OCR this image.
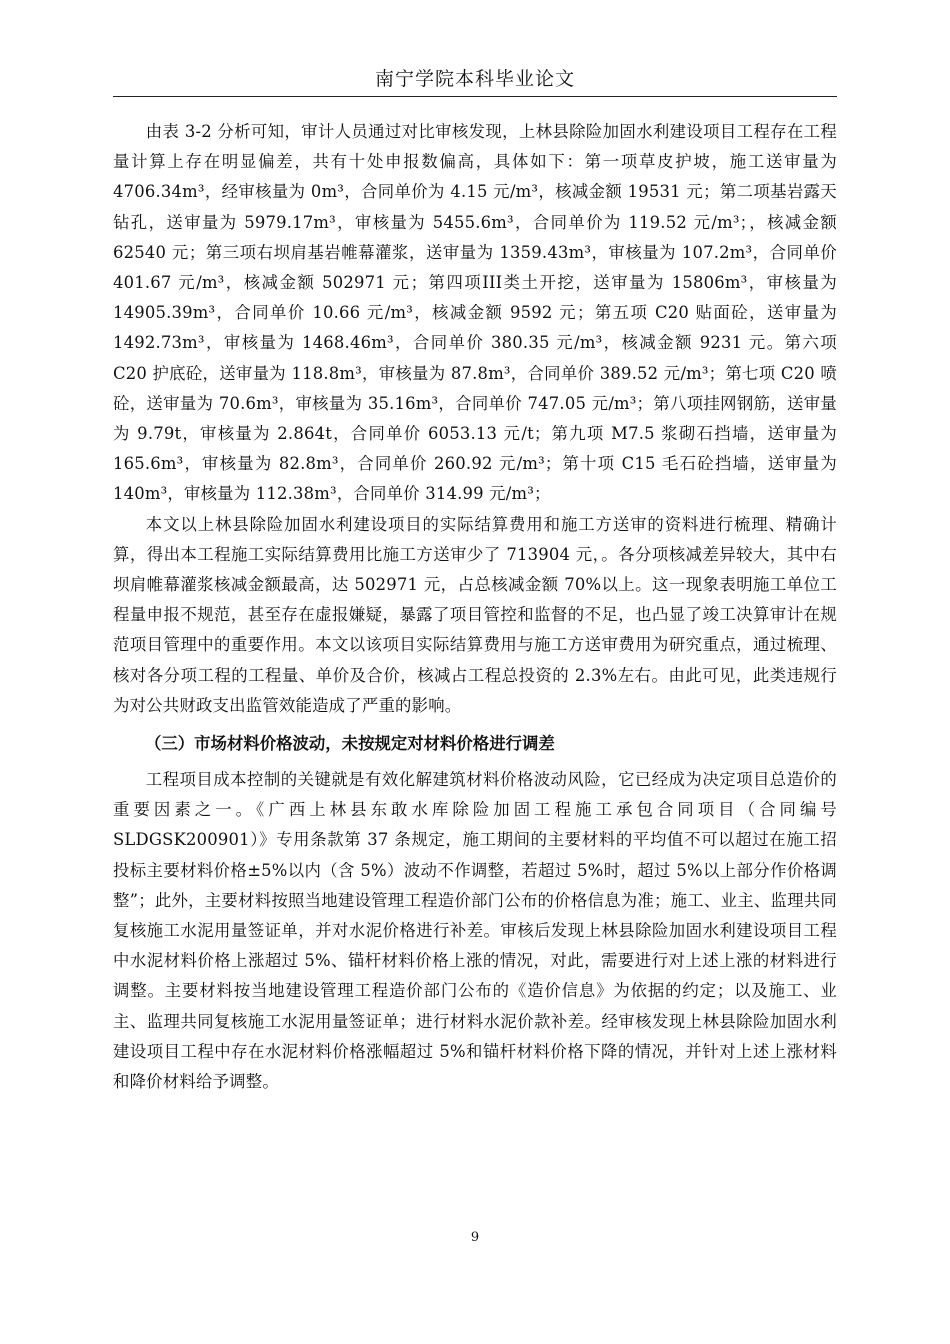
南宁学院本科毕业论文

由表 3-2 分析可知，审计人员通过对比审核发现，上林县除险加固水利建设项目工程存在工程量计算上存在明显偏差，共有十处申报数偏高，具体如下：第一项草皮护坡，施工送审量为 4706.34m³，经审核量为 0m³，合同单价为 4.15 元/m³，核减金额 19531 元；第二项基岩露天钻孔，送审量为 5979.17m³，审核量为 5455.6m³，合同单价为 119.52 元/m³；，核减金额 62540 元；第三项右坝肩基岩帷幕灌浆，送审量为 1359.43m³，审核量为 107.2m³，合同单价 401.67 元/m³，核减金额 502971 元；第四项III类土开挖，送审量为 15806m³，审核量为 14905.39m³，合同单价 10.66 元/m³，核减金额 9592 元；第五项 C20 贴面砼，送审量为 1492.73m³，审核量为 1468.46m³，合同单价 380.35 元/m³，核减金额 9231 元。第六项 C20 护底砼，送审量为 118.8m³，审核量为 87.8m³，合同单价 389.52 元/m³；第七项 C20 喷砼，送审量为 70.6m³，审核量为 35.16m³，合同单价 747.05 元/m³；第八项挂网钢筋，送审量为 9.79t，审核量为 2.864t，合同单价 6053.13 元/t；第九项 M7.5 浆砌石挡墙，送审量为 165.6m³，审核量为 82.8m³，合同单价 260.92 元/m³；第十项 C15 毛石砼挡墙，送审量为 140m³，审核量为 112.38m³，合同单价 314.99 元/m³；

本文以上林县除险加固水利建设项目的实际结算费用和施工方送审的资料进行梳理、精确计算，得出本工程施工实际结算费用比施工方送审少了 713904 元，。各分项核减差异较大，其中右坝肩帷幕灌浆核减金额最高，达 502971 元，占总核减金额 70%以上。这一现象表明施工单位工程量申报不规范，甚至存在虚报嫌疑，暴露了项目管控和监督的不足，也凸显了竣工决算审计在规范项目管理中的重要作用。本文以该项目实际结算费用与施工方送审费用为研究重点，通过梳理、核对各分项工程的工程量、单价及合价，核减占工程总投资的 2.3%左右。由此可见，此类违规行为对公共财政支出监管效能造成了严重的影响。

（三）市场材料价格波动，未按规定对材料价格进行调差

工程项目成本控制的关键就是有效化解建筑材料价格波动风险，它已经成为决定项目总造价的重要因素之一。《广西上林县东敢水库除险加固工程施工承包合同项目（合同编号 SLDGSK200901）》专用条款第 37 条规定，施工期间的主要材料的平均值不可以超过在施工招投标主要材料价格±5%以内（含 5%）波动不作调整，若超过 5%时，超过 5%以上部分作价格调整”；此外，主要材料按照当地建设管理工程造价部门公布的价格信息为准；施工、业主、监理共同复核施工水泥用量签证单，并对水泥价格进行补差。审核后发现上林县除险加固水利建设项目工程中水泥材料价格上涨超过 5%、锚杆材料价格上涨的情况，对此，需要进行对上述上涨的材料进行调整。主要材料按当地建设管理工程造价部门公布的《造价信息》为依据的约定；以及施工、业主、监理共同复核施工水泥用量签证单；进行材料水泥价款补差。经审核发现上林县除险加固水利建设项目工程中存在水泥材料价格涨幅超过 5%和锚杆材料价格下降的情况，并针对上述上涨材料和降价材料给予调整。

9
